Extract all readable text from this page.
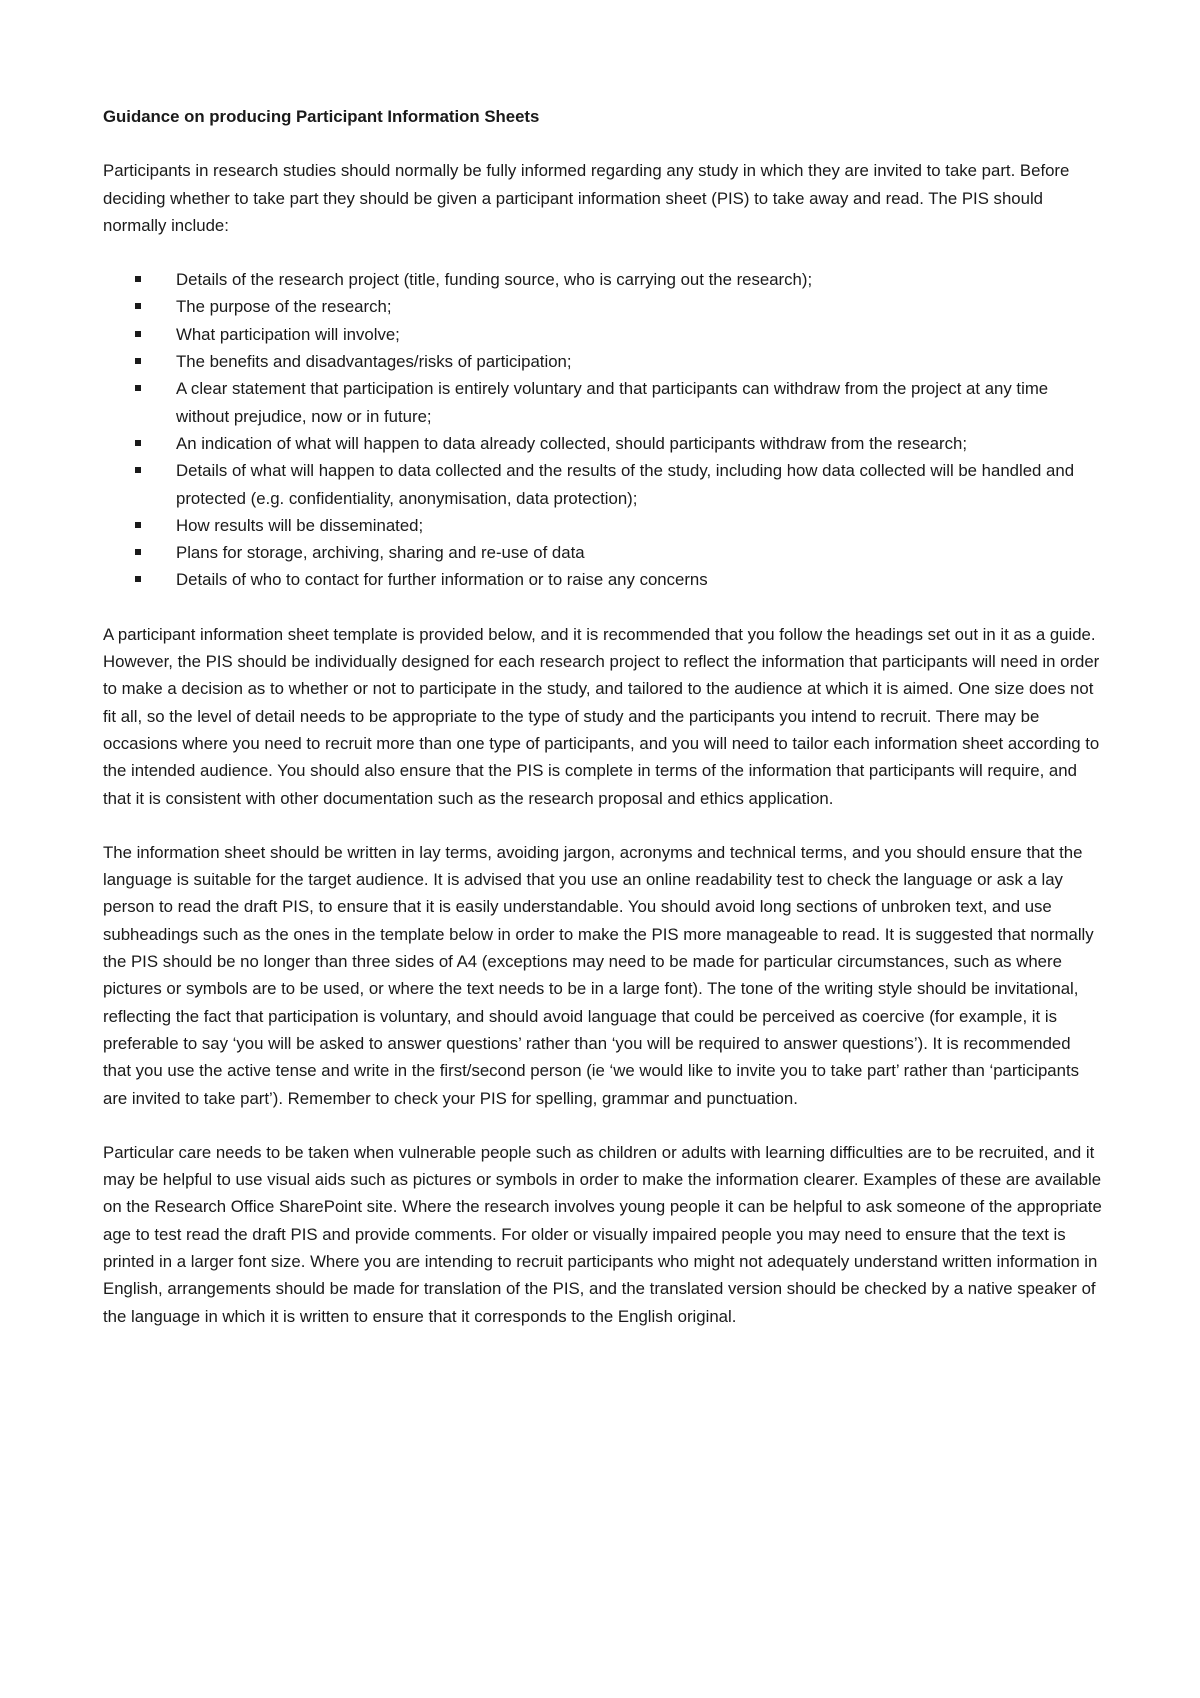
Guidance on producing Participant Information Sheets

Participants in research studies should normally be fully informed regarding any study in which they are invited to take part. Before deciding whether to take part they should be given a participant information sheet (PIS) to take away and read. The PIS should normally include:

Details of the research project (title, funding source, who is carrying out the research);
The purpose of the research;
What participation will involve;
The benefits and disadvantages/risks of participation;
A clear statement that participation is entirely voluntary and that participants can withdraw from the project at any time without prejudice, now or in future;
An indication of what will happen to data already collected, should participants withdraw from the research;
Details of what will happen to data collected and the results of the study, including how data collected will be handled and protected (e.g. confidentiality, anonymisation, data protection);
How results will be disseminated;
Plans for storage, archiving, sharing and re-use of data
Details of who to contact for further information or to raise any concerns

A participant information sheet template is provided below, and it is recommended that you follow the headings set out in it as a guide. However, the PIS should be individually designed for each research project to reflect the information that participants will need in order to make a decision as to whether or not to participate in the study, and tailored to the audience at which it is aimed. One size does not fit all, so the level of detail needs to be appropriate to the type of study and the participants you intend to recruit. There may be occasions where you need to recruit more than one type of participants, and you will need to tailor each information sheet according to the intended audience. You should also ensure that the PIS is complete in terms of the information that participants will require, and that it is consistent with other documentation such as the research proposal and ethics application.

The information sheet should be written in lay terms, avoiding jargon, acronyms and technical terms, and you should ensure that the language is suitable for the target audience. It is advised that you use an online readability test to check the language or ask a lay person to read the draft PIS, to ensure that it is easily understandable. You should avoid long sections of unbroken text, and use subheadings such as the ones in the template below in order to make the PIS more manageable to read. It is suggested that normally the PIS should be no longer than three sides of A4 (exceptions may need to be made for particular circumstances, such as where pictures or symbols are to be used, or where the text needs to be in a large font). The tone of the writing style should be invitational, reflecting the fact that participation is voluntary, and should avoid language that could be perceived as coercive (for example, it is preferable to say ‘you will be asked to answer questions’ rather than ‘you will be required to answer questions’). It is recommended that you use the active tense and write in the first/second person (ie ‘we would like to invite you to take part’ rather than ‘participants are invited to take part’). Remember to check your PIS for spelling, grammar and punctuation.

Particular care needs to be taken when vulnerable people such as children or adults with learning difficulties are to be recruited, and it may be helpful to use visual aids such as pictures or symbols in order to make the information clearer. Examples of these are available on the Research Office SharePoint site. Where the research involves young people it can be helpful to ask someone of the appropriate age to test read the draft PIS and provide comments. For older or visually impaired people you may need to ensure that the text is printed in a larger font size. Where you are intending to recruit participants who might not adequately understand written information in English, arrangements should be made for translation of the PIS, and the translated version should be checked by a native speaker of the language in which it is written to ensure that it corresponds to the English original.
